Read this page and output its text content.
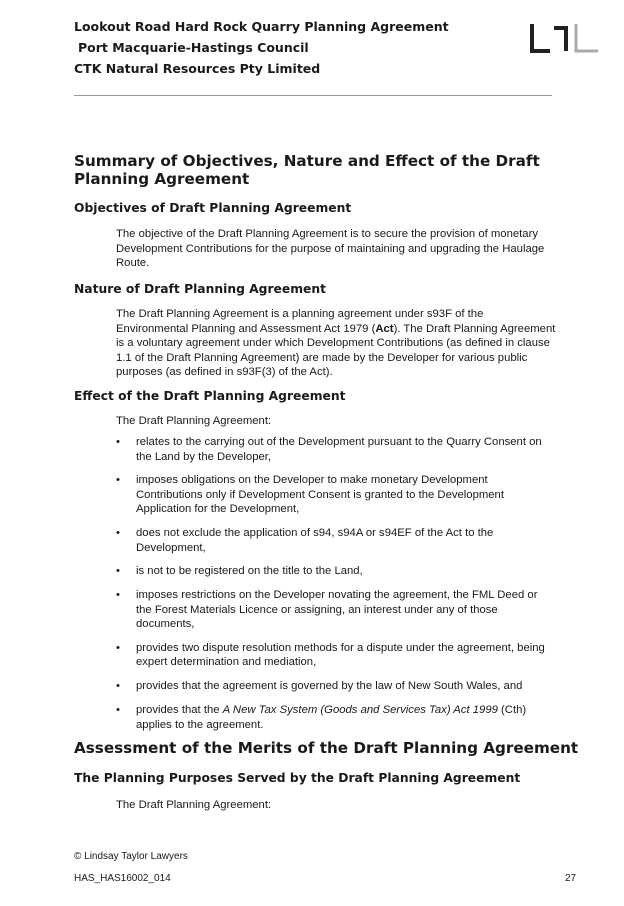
Lookout Road Hard Rock Quarry Planning Agreement
Port Macquarie-Hastings Council
CTK Natural Resources Pty Limited
Summary of Objectives, Nature and Effect of the Draft Planning Agreement
Objectives of Draft Planning Agreement
The objective of the Draft Planning Agreement is to secure the provision of monetary Development Contributions for the purpose of maintaining and upgrading the Haulage Route.
Nature of Draft Planning Agreement
The Draft Planning Agreement is a planning agreement under s93F of the Environmental Planning and Assessment Act 1979 (Act). The Draft Planning Agreement is a voluntary agreement under which Development Contributions (as defined in clause 1.1 of the Draft Planning Agreement) are made by the Developer for various public purposes (as defined in s93F(3) of the Act).
Effect of the Draft Planning Agreement
The Draft Planning Agreement:
• relates to the carrying out of the Development pursuant to the Quarry Consent on the Land by the Developer,
• imposes obligations on the Developer to make monetary Development Contributions only if Development Consent is granted to the Development Application for the Development,
• does not exclude the application of s94, s94A or s94EF of the Act to the Development,
• is not to be registered on the title to the Land,
• imposes restrictions on the Developer novating the agreement, the FML Deed or the Forest Materials Licence or assigning, an interest under any of those documents,
• provides two dispute resolution methods for a dispute under the agreement, being expert determination and mediation,
• provides that the agreement is governed by the law of New South Wales, and
• provides that the A New Tax System (Goods and Services Tax) Act 1999 (Cth) applies to the agreement.
Assessment of the Merits of the Draft Planning Agreement
The Planning Purposes Served by the Draft Planning Agreement
The Draft Planning Agreement:
© Lindsay Taylor Lawyers
HAS_HAS16002_014	27
